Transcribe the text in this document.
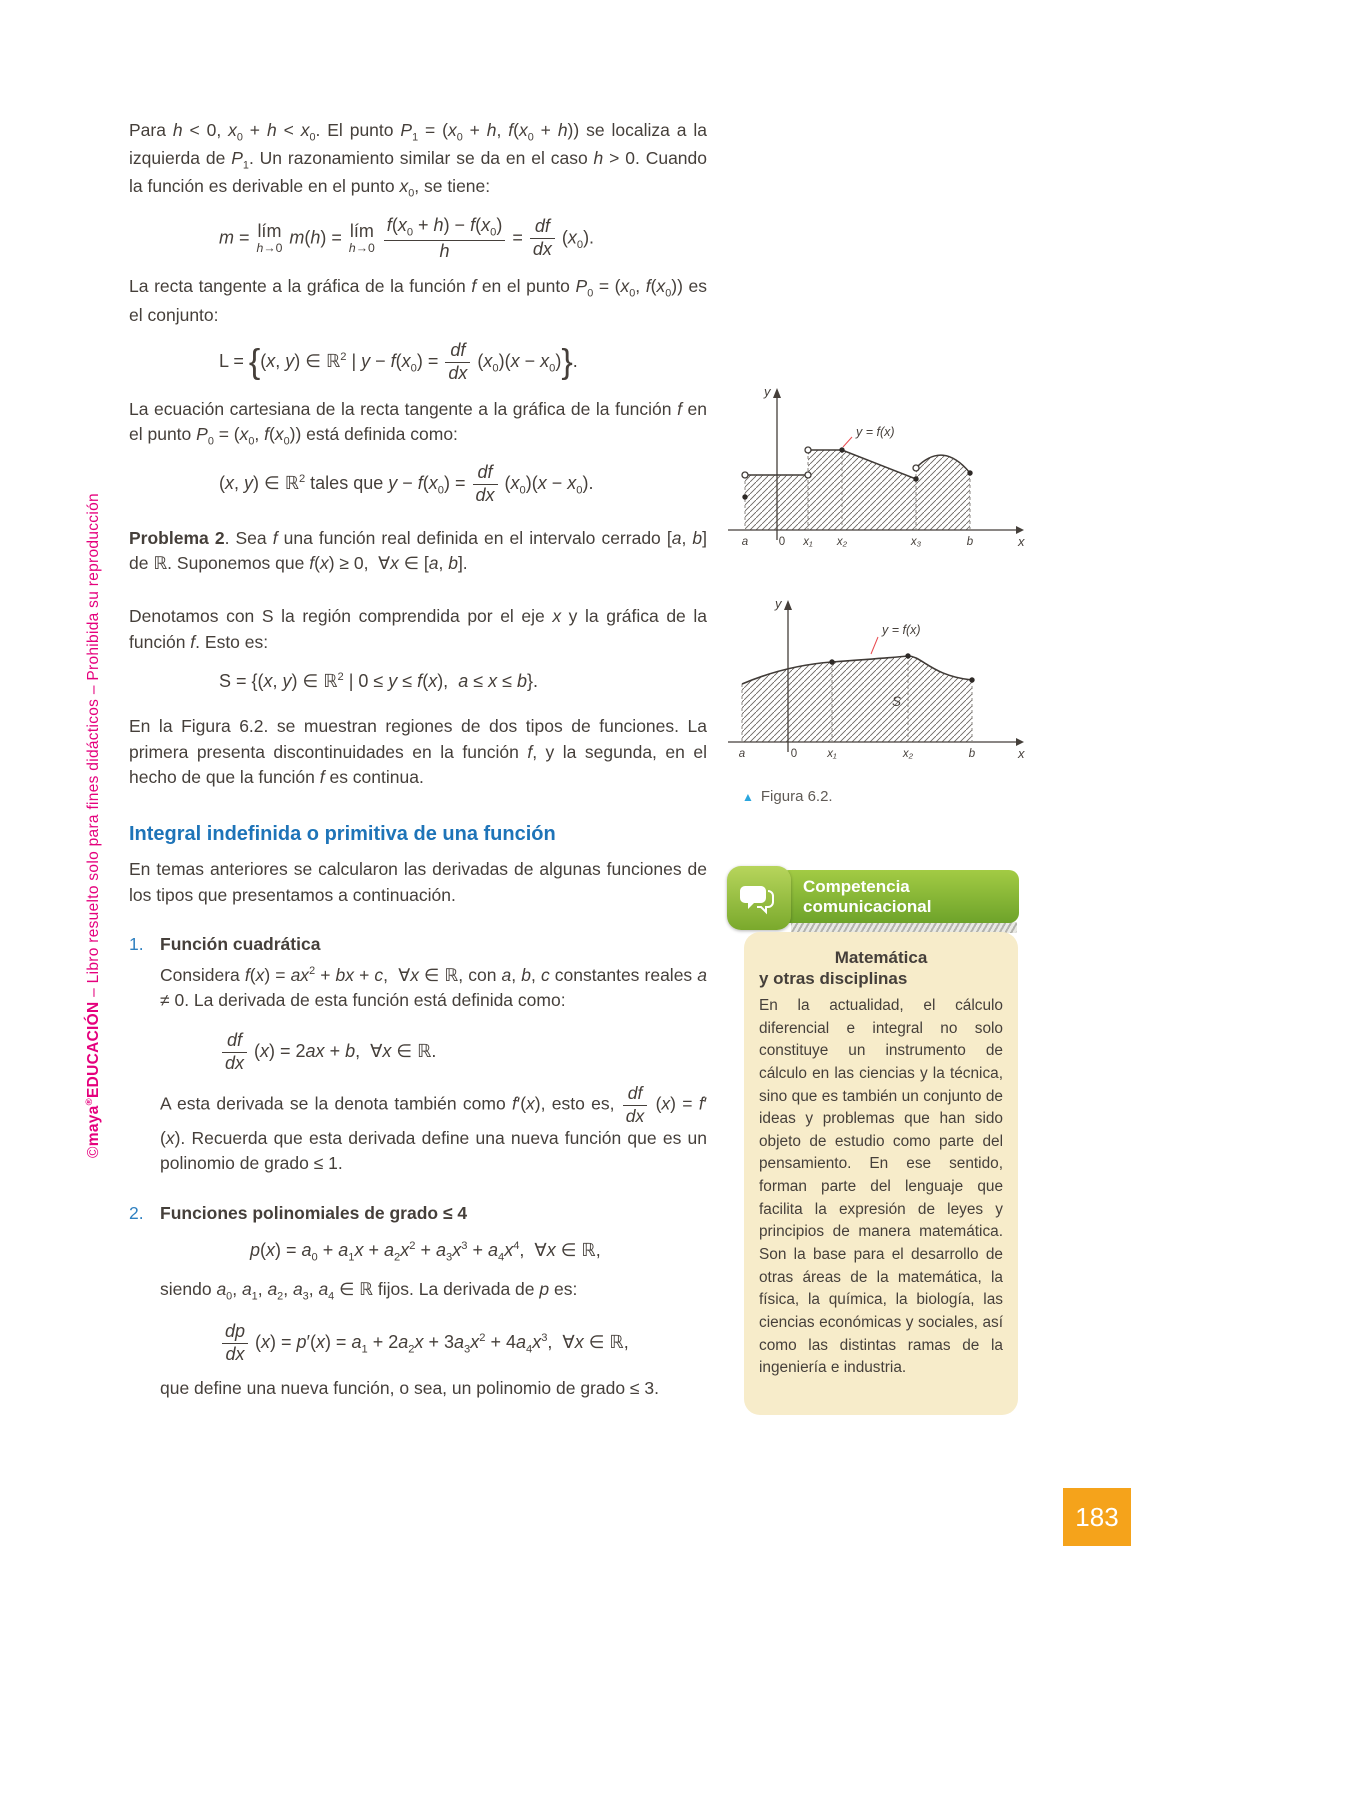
©maya®EDUCACIÓN – Libro resuelto solo para fines didácticos – Prohibida su reproducción

Para h < 0, $x_0 + h < x_0$. El punto $P_1 = (x_0 + h$, $f(x_0 + h)$) se localiza a la izquierda de $P_1$. Un razonamiento similar se da en el caso h > 0. Cuando la función es derivable en el punto $x_0$, se tiene:

m = lím
h→0
m(h) = lím
h→0
$\frac{f(x_0 + h) - f(x_0)}{h} = \frac{df}{dx} (x_0)$.

La recta tangente a la gráfica de la función f en el punto $P_0 = (x_0$, $f(x_0)$) es el conjunto:

L = {(x, y) ∈ ℝ$^2$ | $y - f(x_0) = \frac{df}{dx} (x_0)(x - x_0)$}.

La ecuación cartesiana de la recta tangente a la gráfica de la función f en el punto $P_0 = (x_0$, $f(x_0)$) está definida como:

(x, y) ∈ ℝ$^2$ tales que $y - f(x_0) = \frac{df}{dx} (x_0)(x - x_0)$.

Problema 2. Sea f una función real definida en el intervalo cerrado [a, b] de ℝ. Suponemos que f(x) ≥ 0,  ∀x ∈ [a, b].

Denotamos con S la región comprendida por el eje x y la gráfica de la función f. Esto es:

S = {(x, y) ∈ ℝ$^2$ | 0 ≤ y ≤ f(x),  a ≤ x ≤ b}.

En la Figura 6.2. se muestran regiones de dos tipos de funciones. La primera presenta discontinuidades en la función f, y la segunda, en el hecho de que la función f es continua.

Integral indefinida o primitiva de una función

En temas anteriores se calcularon las derivadas de algunas funciones de los tipos que presentamos a continuación.

1. Función cuadrática

Considera $f(x) = ax^2$ + bx + c,  ∀x ∈ ℝ, con a, b, c constantes reales a ≠ 0. La derivada de esta función está definida como:

$\frac{df}{dx} (x) = 2ax + b$,  ∀x ∈ ℝ.

A esta derivada se la denota también como f′(x), esto es, $\frac{df}{dx} (x) = f'(x)$. Recuerda que esta derivada define una nueva función que es un polinomio de grado ≤ 1.

2. Funciones polinomiales de grado ≤ 4
$p(x) = a_0 + a_1x + a_2x^2 + a_3x^3 + a_4x^4$,  ∀x ∈ ℝ,

siendo $a_0$, $a_1$, $a_2$, $a_3$, $a_4$ ∈ ℝ fijos. La derivada de p es:

$\frac{dp}{dx} (x) = p'(x) = a_1 + 2a_2x + 3a_3x^2 + 4a_4x^3$,  ∀x ∈ ℝ,

que define una nueva función, o sea, un polinomio de grado ≤ 3.

y
x
y = f(x)
a	0 x₁ x₂	x₃	b
y
x
y = f(x)
S
a	0	x₁	x₂	b
▲ Figura 6.2.
Competencia
comunicacional
Matemática
y otras disciplinas

En la actualidad, el cálculo diferencial e integral no solo constituye un instrumento de cálculo en las ciencias y la técnica, sino que es también un conjunto de ideas y problemas que han sido objeto de estudio como parte del pensamiento. En ese sentido, forman parte del lenguaje que facilita la expresión de leyes y principios de manera matemática. Son la base para el desarrollo de otras áreas de la matemática, la física, la química, la biología, las ciencias económicas y sociales, así como las distintas ramas de la ingeniería e industria.

183
